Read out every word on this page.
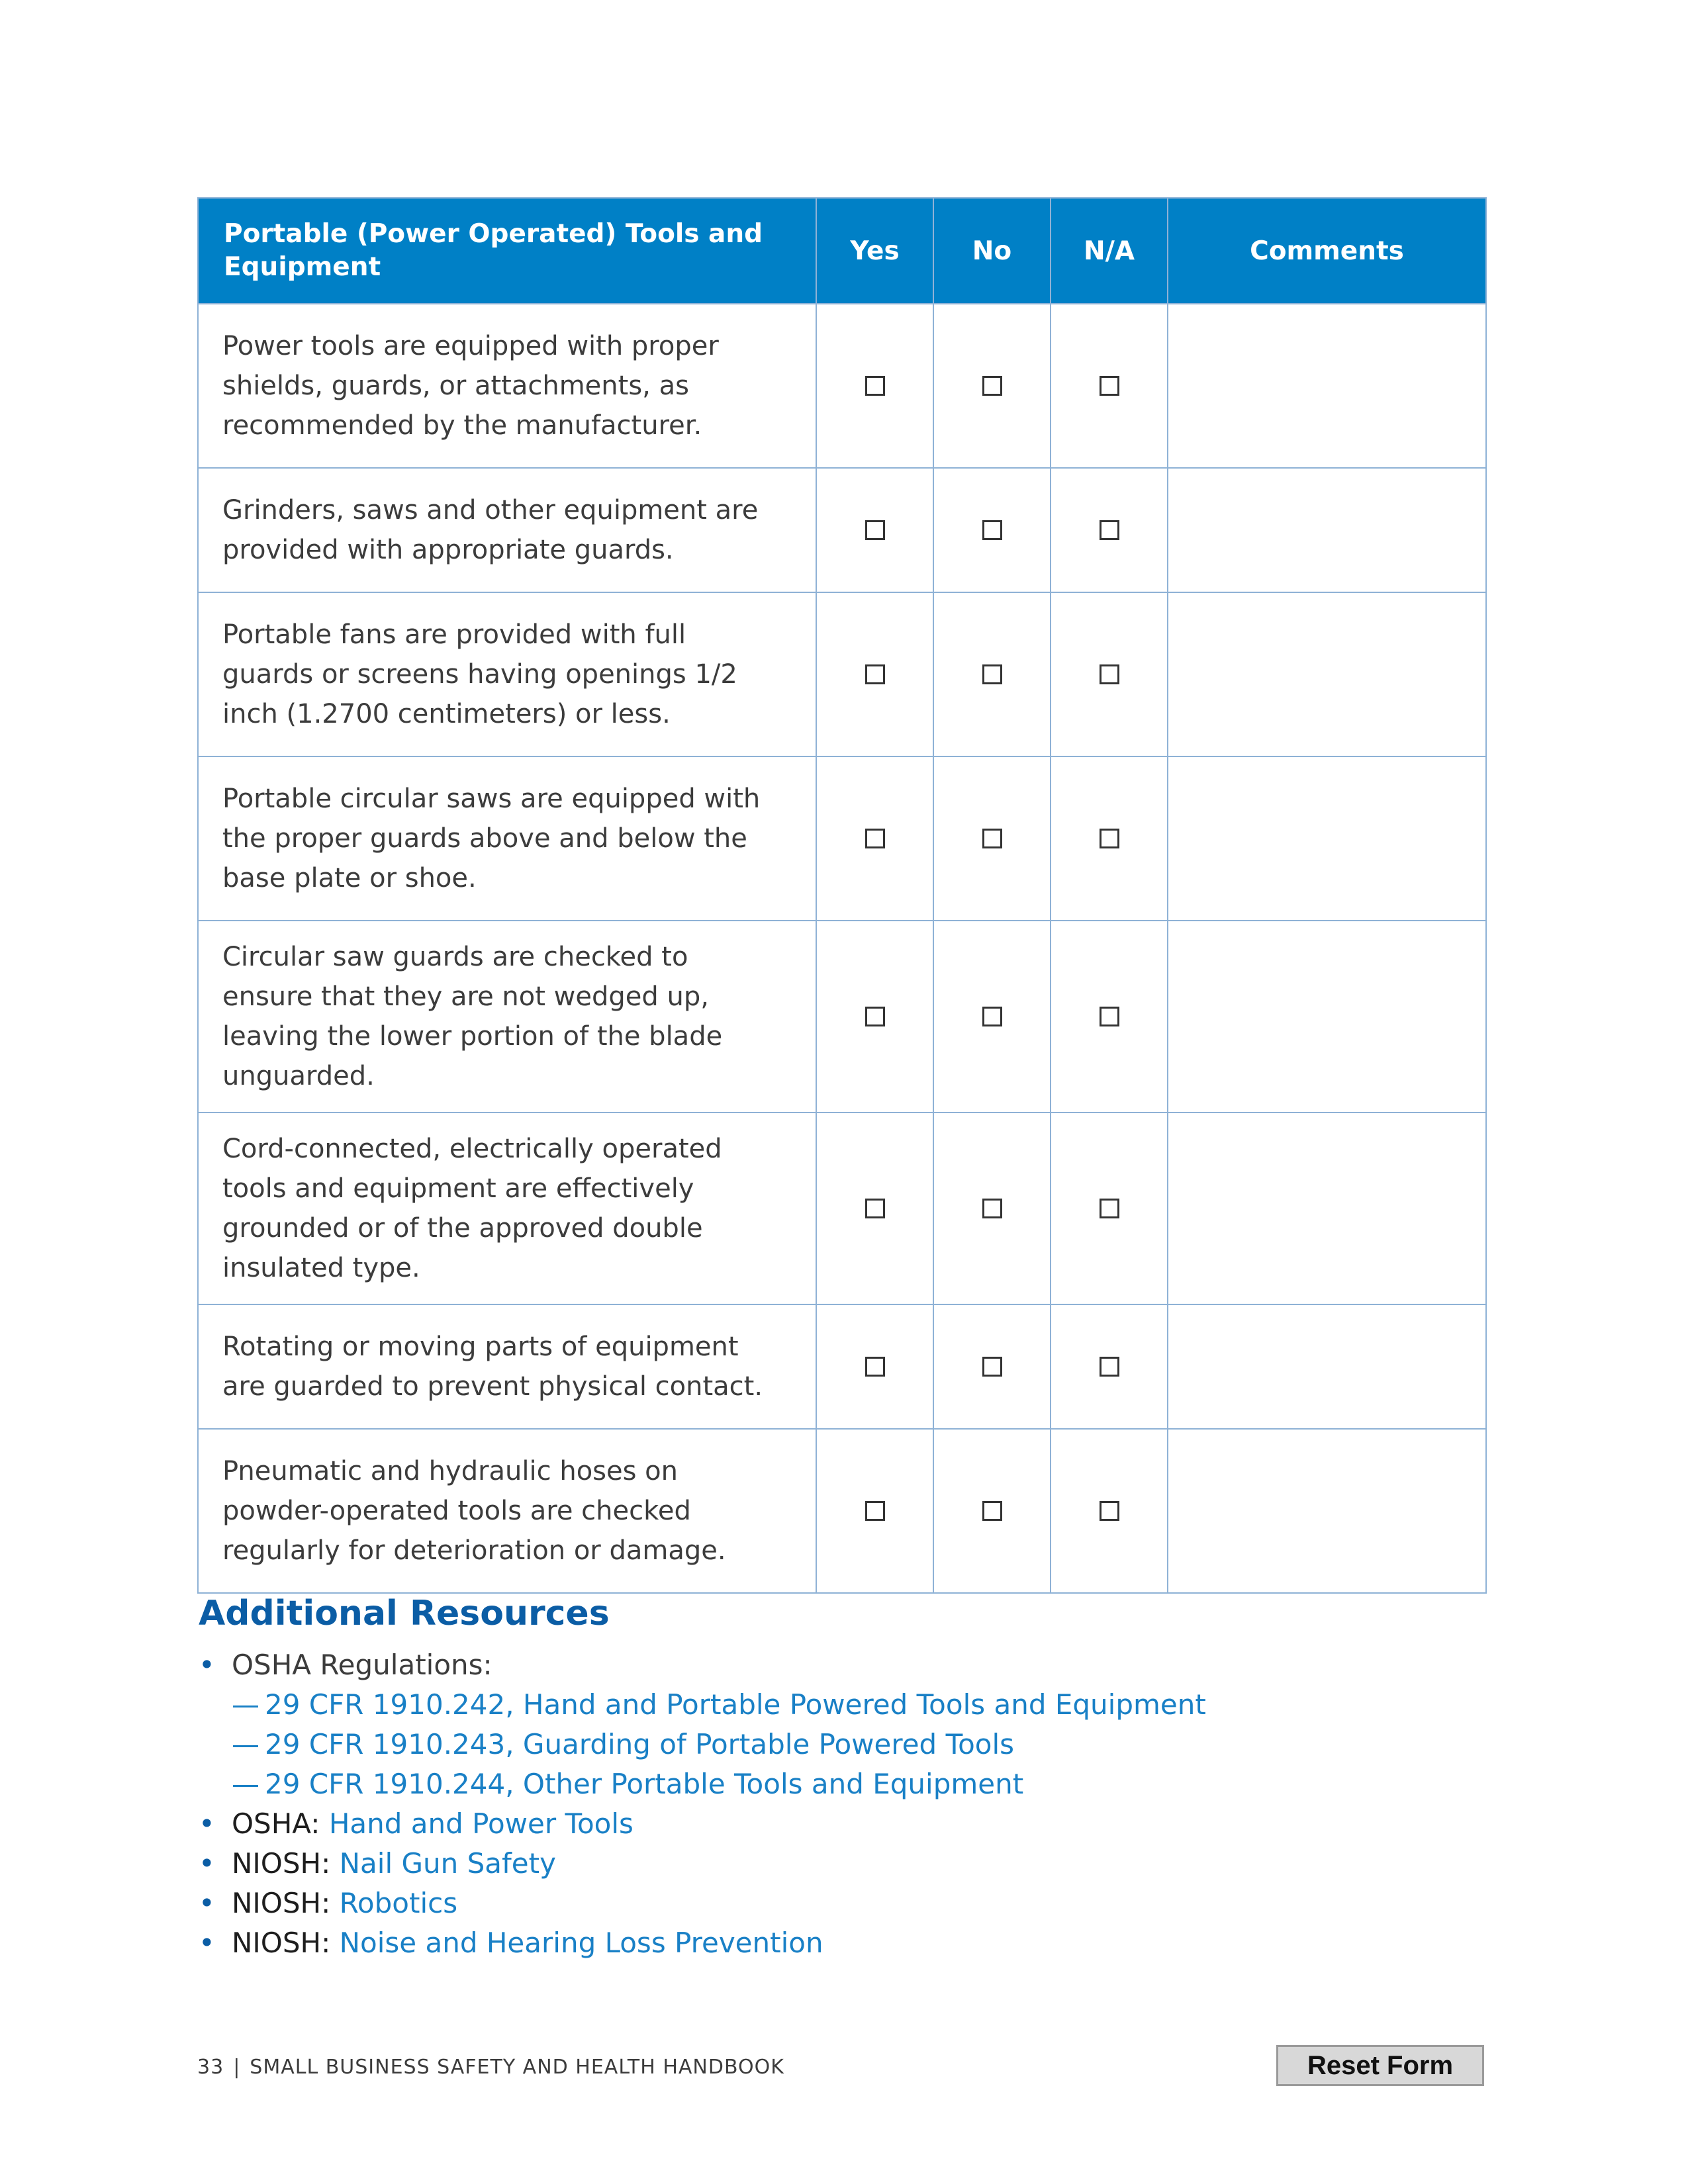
Portable (Power Operated) Tools and Equipment	Yes	No	N/A	Comments
Power tools are equipped with proper shields, guards, or attachments, as recommended by the manufacturer.				
Grinders, saws and other equipment are provided with appropriate guards.				
Portable fans are provided with full guards or screens having openings 1/2 inch (1.2700 centimeters) or less.				
Portable circular saws are equipped with the proper guards above and below the base plate or shoe.				
Circular saw guards are checked to ensure that they are not wedged up, leaving the lower portion of the blade unguarded.				
Cord-connected, electrically operated tools and equipment are effectively grounded or of the approved double insulated type.				
Rotating or moving parts of equipment are guarded to prevent physical contact.				
Pneumatic and hydraulic hoses on powder-operated tools are checked regularly for deterioration or damage.				
Additional Resources
• OSHA Regulations:
— 29 CFR 1910.242, Hand and Portable Powered Tools and Equipment
— 29 CFR 1910.243, Guarding of Portable Powered Tools
— 29 CFR 1910.244, Other Portable Tools and Equipment
• OSHA: Hand and Power Tools
• NIOSH: Nail Gun Safety
• NIOSH: Robotics
• NIOSH: Noise and Hearing Loss Prevention
33 | SMALL BUSINESS SAFETY AND HEALTH HANDBOOK	Reset Form
